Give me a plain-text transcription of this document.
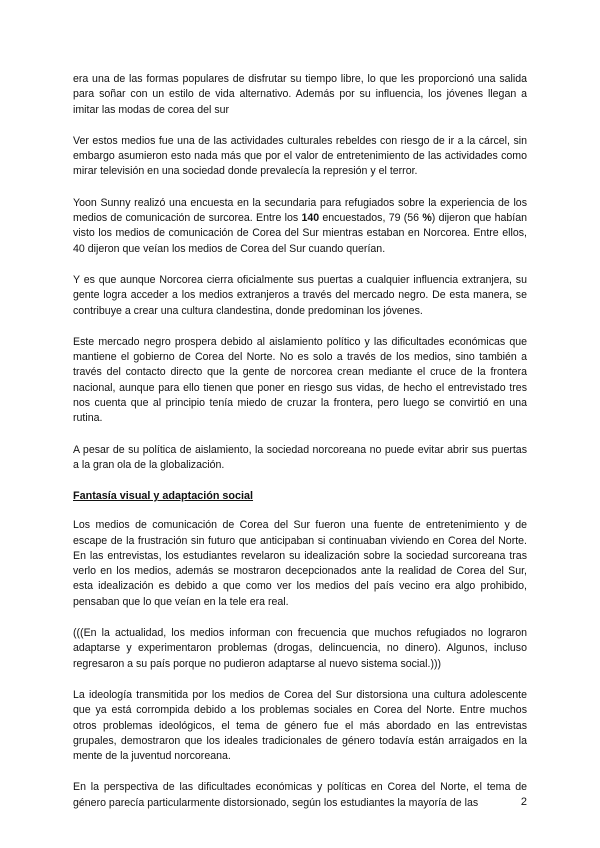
era una de las formas populares de disfrutar su tiempo libre, lo que les proporcionó una salida para soñar con un estilo de vida alternativo. Además por su influencia, los jóvenes llegan a imitar las modas de corea del sur

Ver estos medios fue una de las actividades culturales rebeldes con riesgo de ir a la cárcel, sin embargo asumieron esto nada más que por el valor de entretenimiento de las actividades como mirar televisión en una sociedad donde prevalecía la represión y el terror.

Yoon Sunny realizó una encuesta en la secundaria para refugiados sobre la experiencia de los medios de comunicación de surcorea. Entre los 140 encuestados, 79 (56 %) dijeron que habían visto los medios de comunicación de Corea del Sur mientras estaban en Norcorea. Entre ellos, 40 dijeron que veían los medios de Corea del Sur cuando querían.

Y es que aunque Norcorea cierra oficialmente sus puertas a cualquier influencia extranjera, su gente logra acceder a los medios extranjeros a través del mercado negro. De esta manera, se contribuye a crear una cultura clandestina, donde predominan los jóvenes.

Este mercado negro prospera debido al aislamiento político y las dificultades económicas que mantiene el gobierno de Corea del Norte. No es solo a través de los medios, sino también a través del contacto directo que la gente de norcorea crean mediante el cruce de la frontera nacional, aunque para ello tienen que poner en riesgo sus vidas, de hecho el entrevistado tres nos cuenta que al principio tenía miedo de cruzar la frontera, pero luego se convirtió en una rutina.

A pesar de su política de aislamiento, la sociedad norcoreana no puede evitar abrir sus puertas a la gran ola de la globalización.

Fantasía visual y adaptación social

Los medios de comunicación de Corea del Sur fueron una fuente de entretenimiento y de escape de la frustración sin futuro que anticipaban si continuaban viviendo en Corea del Norte. En las entrevistas, los estudiantes revelaron su idealización sobre la sociedad surcoreana tras verlo en los medios, además se mostraron decepcionados ante la realidad de Corea del Sur, esta idealización es debido a que como ver los medios del país vecino era algo prohibido, pensaban que lo que veían en la tele era real.

(((En la actualidad, los medios informan con frecuencia que muchos refugiados no lograron adaptarse y experimentaron problemas (drogas, delincuencia, no dinero). Algunos, incluso regresaron a su país porque no pudieron adaptarse al nuevo sistema social.)))

La ideología transmitida por los medios de Corea del Sur distorsiona una cultura adolescente que ya está corrompida debido a los problemas sociales en Corea del Norte. Entre muchos otros problemas ideológicos, el tema de género fue el más abordado en las entrevistas grupales, demostraron que los ideales tradicionales de género todavía están arraigados en la mente de la juventud norcoreana.

En la perspectiva de las dificultades económicas y políticas en Corea del Norte, el tema de género parecía particularmente distorsionado, según los estudiantes la mayoría de las	2
